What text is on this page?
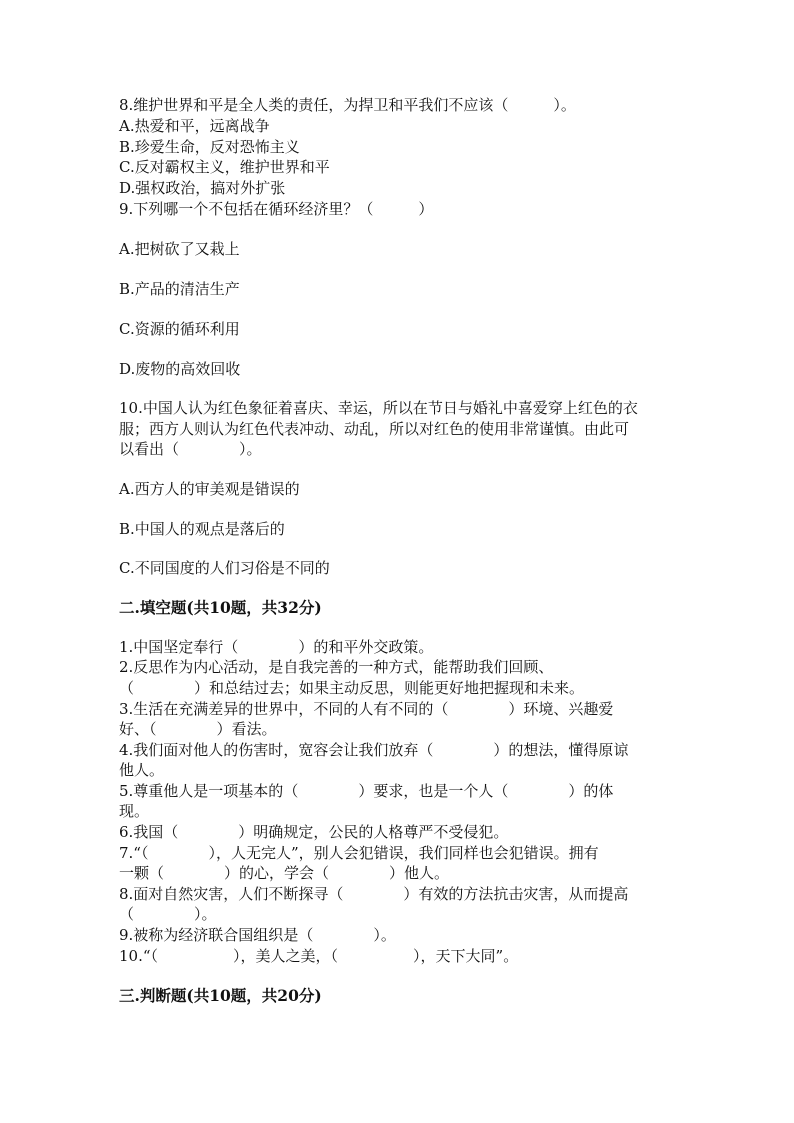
8.维护世界和平是全人类的责任，为捍卫和平我们不应该（　　　）。
A.热爱和平，远离战争
B.珍爱生命，反对恐怖主义
C.反对霸权主义，维护世界和平
D.强权政治，搞对外扩张
9.下列哪一个不包括在循环经济里？（　　　）
A.把树砍了又栽上
B.产品的清洁生产
C.资源的循环利用
D.废物的高效回收
10.中国人认为红色象征着喜庆、幸运，所以在节日与婚礼中喜爱穿上红色的衣
服；西方人则认为红色代表冲动、动乱，所以对红色的使用非常谨慎。由此可
以看出（　　　　）。
A.西方人的审美观是错误的
B.中国人的观点是落后的
C.不同国度的人们习俗是不同的
二.填空题(共10题，共32分)
1.中国坚定奉行（　　　　）的和平外交政策。
2.反思作为内心活动，是自我完善的一种方式，能帮助我们回顾、
（　　　　）和总结过去；如果主动反思，则能更好地把握现和未来。
3.生活在充满差异的世界中，不同的人有不同的（　　　　）环境、兴趣爱
好、（　　　　）看法。
4.我们面对他人的伤害时，宽容会让我们放弃（　　　　）的想法，懂得原谅
他人。
5.尊重他人是一项基本的（　　　　）要求，也是一个人（　　　　）的体
现。
6.我国（　　　　）明确规定，公民的人格尊严不受侵犯。
7.“（　　　　），人无完人”，别人会犯错误，我们同样也会犯错误。拥有
一颗（　　　　）的心，学会（　　　　）他人。
8.面对自然灾害，人们不断探寻（　　　　）有效的方法抗击灾害，从而提高
（　　　　）。
9.被称为经济联合国组织是（　　　　）。
10.“（　　　　　），美人之美，（　　　　　），天下大同”。
三.判断题(共10题，共20分)
